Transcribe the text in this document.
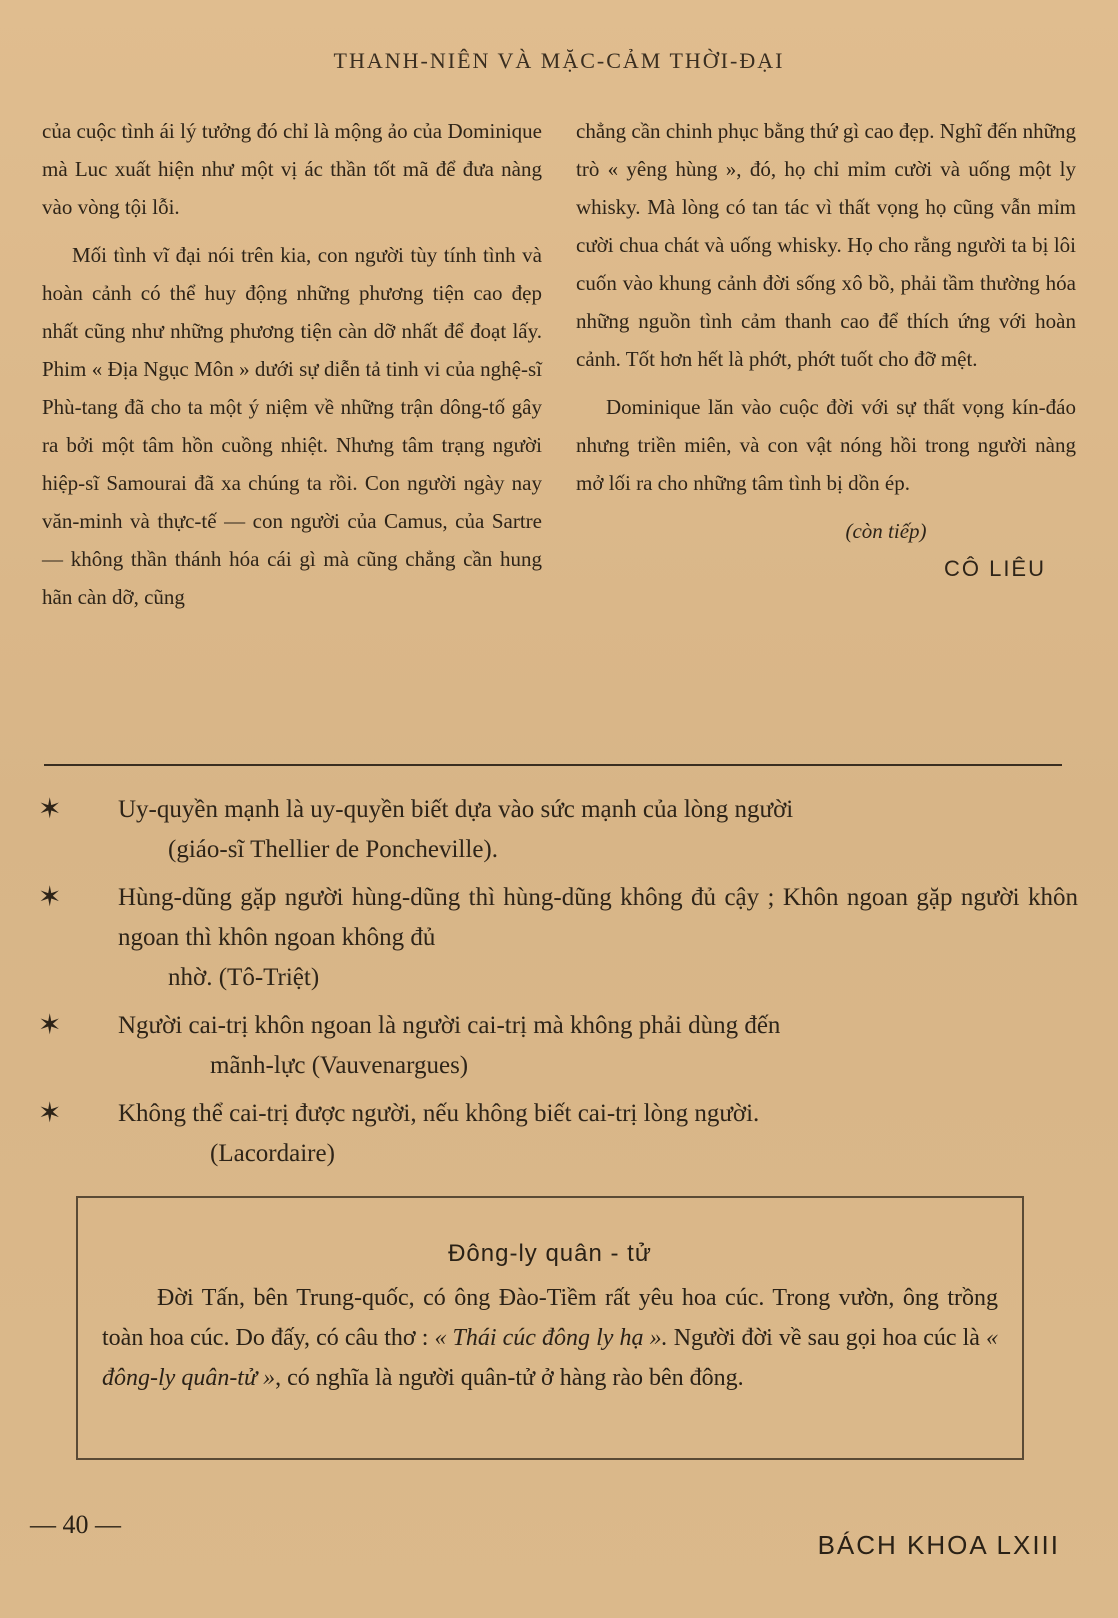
THANH-NIÊN VÀ MẶC-CẢM THỜI-ĐẠI

của cuộc tình ái lý tưởng đó chỉ là mộng ảo của Dominique mà Luc xuất hiện như một vị ác thần tốt mã để đưa nàng vào vòng tội lỗi.

Mối tình vĩ đại nói trên kia, con người tùy tính tình và hoàn cảnh có thể huy động những phương tiện cao đẹp nhất cũng như những phương tiện càn dỡ nhất để đoạt lấy. Phim « Địa Ngục Môn » dưới sự diễn tả tinh vi của nghệ-sĩ Phù-tang đã cho ta một ý niệm về những trận dông-tố gây ra bởi một tâm hồn cuồng nhiệt. Nhưng tâm trạng người hiệp-sĩ Samourai đã xa chúng ta rồi. Con người ngày nay văn-minh và thực-tế — con người của Camus, của Sartre — không thần thánh hóa cái gì mà cũng chẳng cần hung hãn càn dỡ, cũng

chẳng cần chinh phục bằng thứ gì cao đẹp. Nghĩ đến những trò « yêng hùng », đó, họ chỉ mỉm cười và uống một ly whisky. Mà lòng có tan tác vì thất vọng họ cũng vẫn mỉm cười chua chát và uống whisky. Họ cho rằng người ta bị lôi cuốn vào khung cảnh đời sống xô bồ, phải tầm thường hóa những nguồn tình cảm thanh cao để thích ứng với hoàn cảnh. Tốt hơn hết là phớt, phớt tuốt cho đỡ mệt.

Dominique lăn vào cuộc đời với sự thất vọng kín-đáo nhưng triền miên, và con vật nóng hồi trong người nàng mở lối ra cho những tâm tình bị dồn ép.

(còn tiếp)
CÔ LIÊU
✶	Uy-quyền mạnh là uy-quyền biết dựa vào sức mạnh của lòng người
(giáo-sĩ Thellier de Poncheville).
✶	Hùng-dũng gặp người hùng-dũng thì hùng-dũng không đủ cậy ; Khôn ngoan gặp người khôn ngoan thì khôn ngoan không đủ
nhờ. (Tô-Triệt)
✶	Người cai-trị khôn ngoan là người cai-trị mà không phải dùng đến
mãnh-lực (Vauvenargues)
✶	Không thể cai-trị được người, nếu không biết cai-trị lòng người.
(Lacordaire)
Đông-ly quân - tử
Đời Tấn, bên Trung-quốc, có ông Đào-Tiềm rất yêu hoa cúc. Trong vườn, ông trồng toàn hoa cúc. Do đấy, có câu thơ : « Thái cúc đông ly hạ ». Người đời về sau gọi hoa cúc là « đông-ly quân-tử », có nghĩa là người quân-tử ở hàng rào bên đông.
— 40 —
BÁCH KHOA LXIII
